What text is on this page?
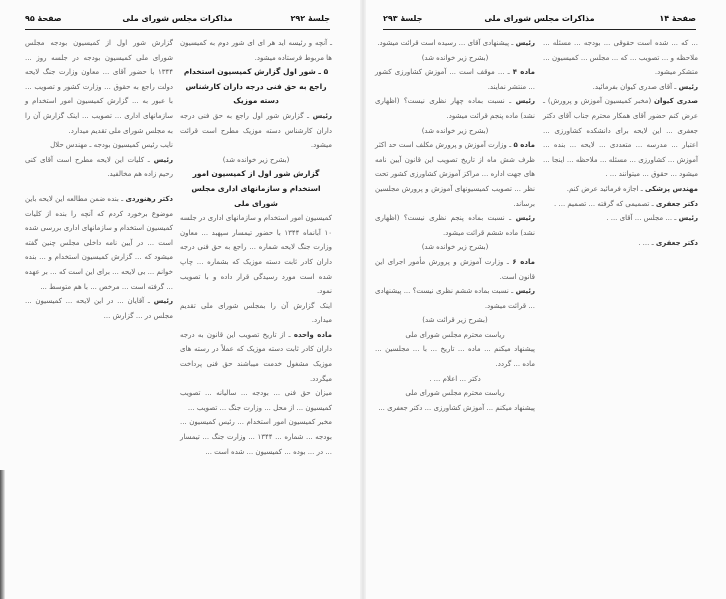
صفحهٔ ۹۵	مذاکرات مجلس شورای ملی	جلسهٔ ۲۹۲

ـ آنچه و رئیسه اید هر ای ای شور دوم به کمیسیون ها مربوط فرستاده میشود.

۵ ـ شور اول گزارش کمیسیون استخدام راجع به حق فنی درجه داران کارشناس دسته موزیک

رئیس ـ گزارش شور اول راجع به حق فنی درجه داران کارشناس دسته موزیک مطرح است قرائت میشود.

(بشرح زیر خوانده شد)
گزارش شور اول از کمیسیون امور استخدام و سازمانهای اداری مجلس شورای ملی

کمیسیون امور استخدام و سازمانهای اداری در جلسه ۱۰ آبانماه ۱۳۴۴ با حضور تیمسار سپهبد ... معاون وزارت جنگ لایحه شماره ... راجع به حق فنی درجه داران کادر ثابت دسته موزیک که بشماره ... چاپ شده است مورد رسیدگی قرار داده و با تصویب نمود.

اینک گزارش آن را بمجلس شورای ملی تقدیم میدارد.

ماده واحده ـ از تاریخ تصویب این قانون به درجه داران کادر ثابت دسته موزیک که عملاً در رسته های موزیک مشغول خدمت میباشند حق فنی پرداخت میگردد.

میزان حق فنی ... بودجه ... سالیانه ... تصویب کمیسیون ... از محل ... وزارت جنگ ... تصویب ...

مخبر کمیسیون امور استخدام ... رئیس کمیسیون ... بودجه ... شماره ... ۱۳۴۴ ... وزارت جنگ ... تیمسار ... در ... بوده ... کمیسیون ... شده است ...

گزارش شور اول از کمیسیون بودجه مجلس شورای ملی کمیسیون بودجه در جلسه روز ... ۱۳۴۴ با حضور آقای ... معاون وزارت جنگ لایحه دولت راجع به حقوق ... وزارت کشور و تصویب ... با عبور به ... گزارش کمیسیون امور استخدام و سازمانهای اداری ... تصویب ... اینک گزارش آن را به مجلس شورای ملی تقدیم میدارد.

نایب رئیس کمیسیون بودجه ـ مهندس حلال

رئیس ـ کلیات این لایحه مطرح است آقای کنی رحیم زاده هم مخالفید.

دکتر رهنوردی ـ بنده ضمن مطالعه این لایحه باین موضوع برخورد کردم که آنچه را بنده از کلیات کمیسیون استخدام و سازمانهای اداری بررسی شده است ... در آیین نامه داخلی مجلس چنین گفته میشود که ... گزارش کمیسیون استخدام و ... بنده خوانم ... بی لایحه ... برای این است که ... بر عهده ... گرفته است ... مرخص ... با هم متوسط ...

رئیس ـ آقایان ... در این لایحه ... کمیسیون ... مجلس در ... گزارش ...

جلسهٔ ۲۹۳	مذاکرات مجلس شورای ملی	صفحهٔ ۱۴

... که ... شده است حقوقی ... بودجه ... مسئله ... ملاحظه و ... تصویب ... که ... مجلس ... کمیسیون ... متشکر میشود.

رئیس ـ آقای صدری کیوان بفرمائید.

صدری کیوان (مخبر کمیسیون آموزش و پرورش) ـ عرض کنم حضور آقای همکار محترم جناب آقای دکتر جعفری ... این لایحه برای دانشکده کشاورزی ... اعتبار ... مدرسه ... متعددی ... لایحه ... بنده ... آموزش ... کشاورزی ... مسئله ... ملاحظه ... اینجا ... میشود ... حقوق ... میتوانند ... .

مهندس پزشکی ـ اجازه فرمائید عرض کنم.

دکتر جعفری ـ تصمیمی که گرفته ... تصمیم ... .

رئیس ـ ... مجلس ... آقای ... .

دکتر جعفری ـ ... .

رئیس ـ پیشنهادی آقای ... رسیده است قرائت میشود.

(بشرح زیر خوانده شد)

ماده ۴ ـ ... موقف است ... آموزش کشاورزی کشور ... منتشر نمایند.

رئیس ـ نسبت بماده چهار نظری نیست؟ (اظهاری نشد) ماده پنجم قرائت میشود.

(بشرح زیر خوانده شد)

ماده ۵ ـ وزارت آموزش و پرورش مکلف است حد اکثر ظرف شش ماه از تاریخ تصویب این قانون آیین نامه های جهت اداره ... مراکز آموزش کشاورزی کشور تحت نظر ... تصویب کمیسیونهای آموزش و پرورش مجلسین برساند.

رئیس ـ نسبت بماده پنجم نظری نیست؟ (اظهاری نشد) ماده ششم قرائت میشود.

(بشرح زیر خوانده شد)

ماده ۶ ـ وزارت آموزش و پرورش مأمور اجرای این قانون است.

رئیس ـ نسبت بماده ششم نظری نیست؟ ... پیشنهادی ... قرائت میشود.

(بشرح زیر قرائت شد)
ریاست محترم مجلس شورای ملی

پیشنهاد میکنم ... ماده ... تاریخ ... با ... مجلسین ... ماده ... گردد.

دکتر ... اعلام ... .
ریاست محترم مجلس شورای ملی

پیشنهاد میکنم ... آموزش کشاورزی ... دکتر جعفری ...
